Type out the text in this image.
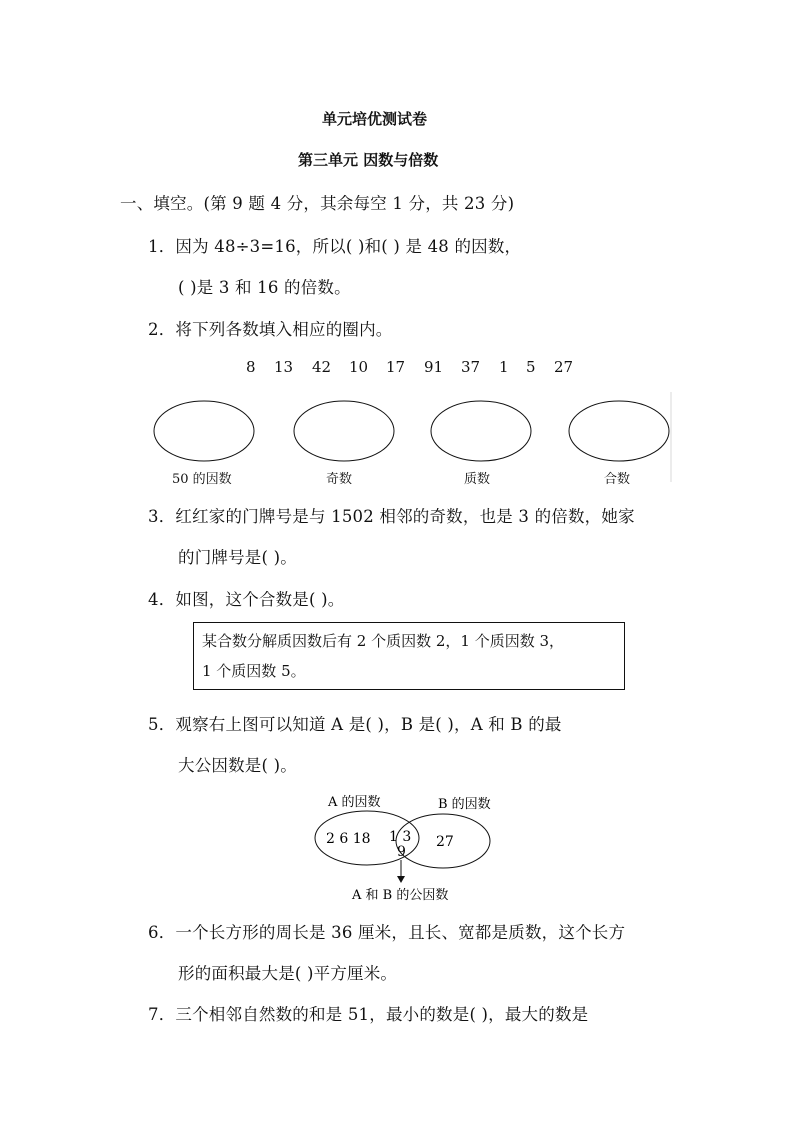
单元培优测试卷
第三单元 因数与倍数
一、填空。(第 9 题 4 分，其余每空 1 分，共 23 分)
1．因为 48÷3=16，所以( )和( ) 是 48 的因数，
( )是 3 和 16 的倍数。
2．将下列各数填入相应的圈内。
8 13 42 10 17 91 37 1 5 27
50 的因数	奇数	质数	合数
3．红红家的门牌号是与 1502 相邻的奇数，也是 3 的倍数，她家
的门牌号是( )。
4．如图，这个合数是( )。
某合数分解质因数后有 2 个质因数 2，1 个质因数 3，
1 个质因数 5。
5．观察右上图可以知道 A 是( )，B 是( )，A 和 B 的最
大公因数是( )。
A 的因数	B 的因数
2 6 18 1 3
9
27
A 和 B 的公因数
6．一个长方形的周长是 36 厘米，且长、宽都是质数，这个长方
形的面积最大是( )平方厘米。
7．三个相邻自然数的和是 51，最小的数是( )，最大的数是
